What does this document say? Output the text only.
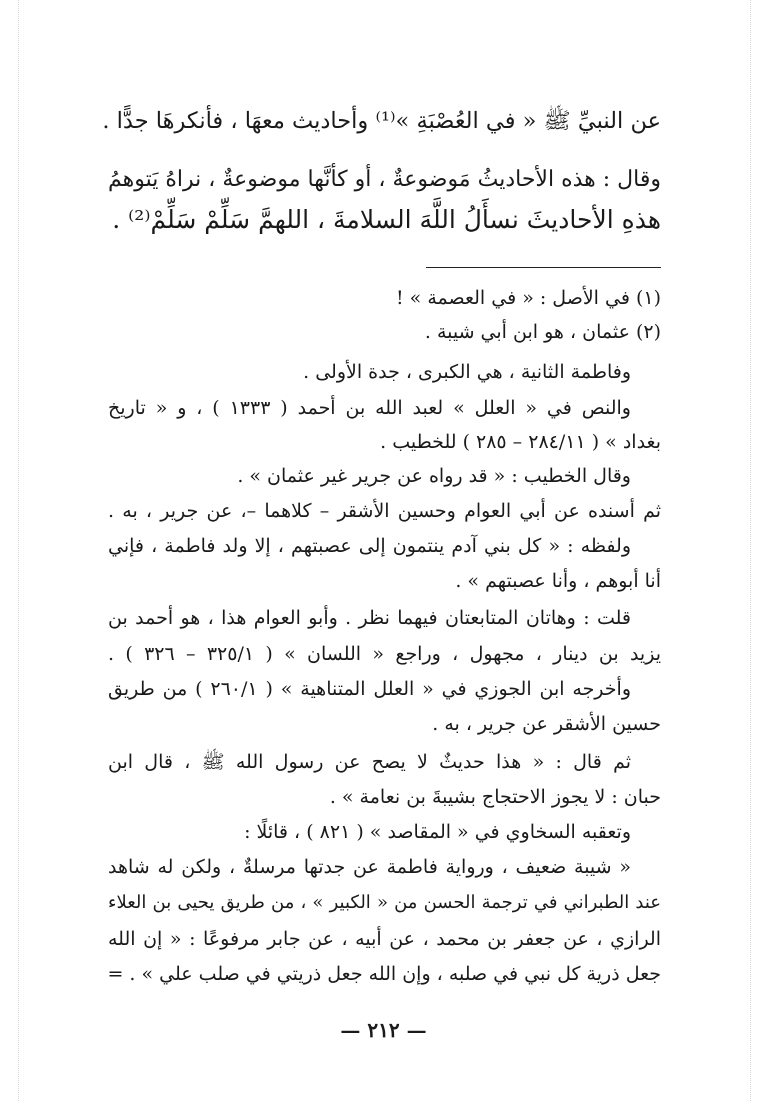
عن النبيِّ ﷺ « في العُصْبَةِ »⁽¹⁾ وأحاديث معهَا ، فأنكرهَا جدًّا .
وقال : هذه الأحاديثُ مَوضوعةٌ ، أو كأنَّها موضوعةٌ ، نراهُ يَتوهمُ
هذهِ الأحاديثَ نسأَلُ اللَّهَ السلامةَ ، اللهمَّ سَلِّمْ سَلِّمْ⁽²⁾ .
(١) في الأصل : « في العصمة » !
(٢) عثمان ، هو ابن أبي شيبة .
وفاطمة الثانية ، هي الكبرى ، جدة الأولى .
والنص في « العلل » لعبد الله بن أحمد ( ١٣٣٣ ) ، و « تاريخ
بغداد » ( ٢٨٤/١١ – ٢٨٥ ) للخطيب .
وقال الخطيب : « قد رواه عن جرير غير عثمان » .
ثم أسنده عن أبي العوام وحسين الأشقر – كلاهما –، عن جرير ، به .
ولفظه : « كل بني آدم ينتمون إلى عصبتهم ، إلا ولد فاطمة ، فإني
أنا أبوهم ، وأنا عصبتهم » .
قلت : وهاتان المتابعتان فيهما نظر . وأبو العوام هذا ، هو أحمد بن
يزيد بن دينار ، مجهول ، وراجع « اللسان » ( ٣٢٥/١ – ٣٢٦ ) .
وأخرجه ابن الجوزي في « العلل المتناهية » ( ٢٦٠/١ ) من طريق
حسين الأشقر عن جرير ، به .
ثم قال : « هذا حديثٌ لا يصح عن رسول الله ﷺ ، قال ابن
حبان : لا يجوز الاحتجاج بشيبةَ بن نعامة » .
وتعقبه السخاوي في « المقاصد » ( ٨٢١ ) ، قائلًا :
« شيبة ضعيف ، ورواية فاطمة عن جدتها مرسلةٌ ، ولكن له شاهد
عند الطبراني في ترجمة الحسن من « الكبير » ، من طريق يحيى بن العلاء
الرازي ، عن جعفر بن محمد ، عن أبيه ، عن جابر مرفوعًا : « إن الله
جعل ذرية كل نبي في صلبه ، وإن الله جعل ذريتي في صلب علي » . =
— ٢١٢ —
